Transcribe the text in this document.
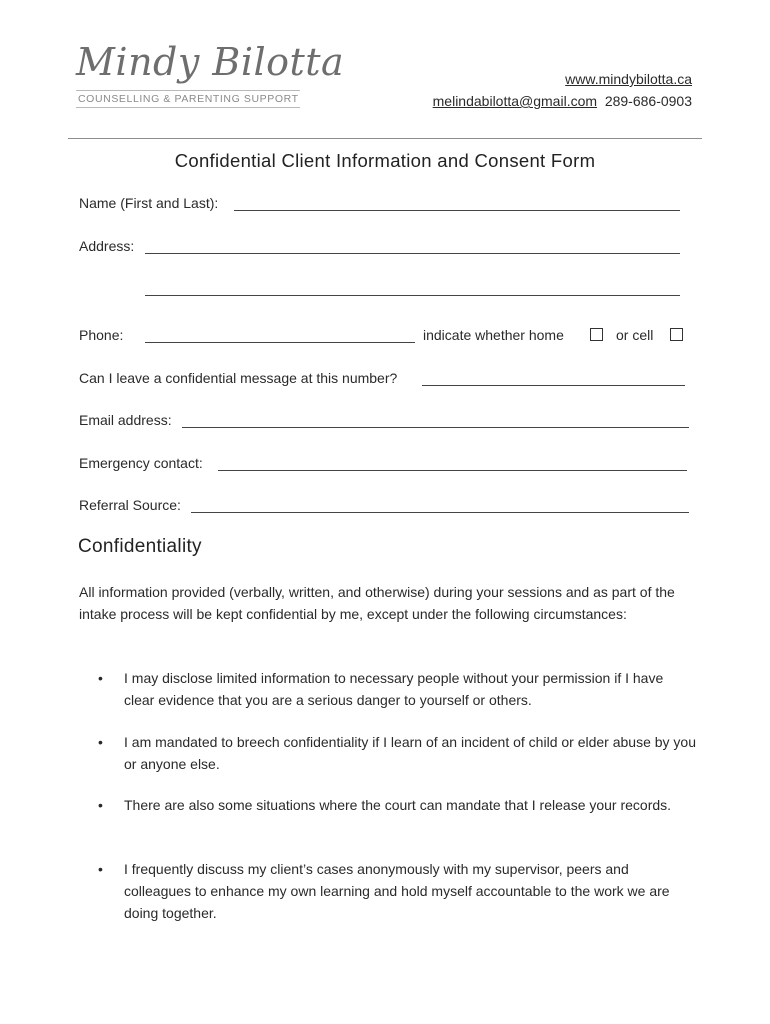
Mindy Bilotta
COUNSELLING & PARENTING SUPPORT
www.mindybilotta.ca
melindabilotta@gmail.com 289-686-0903
Confidential Client Information and Consent Form
Name (First and Last):
Address:
Phone:	indicate whether home	or cell
Can I leave a confidential message at this number?
Email address:
Emergency contact:
Referral Source:
Confidentiality
All information provided (verbally, written, and otherwise) during your sessions and as part of the intake process will be kept confidential by me, except under the following circumstances:
• I may disclose limited information to necessary people without your permission if I have clear evidence that you are a serious danger to yourself or others.
• I am mandated to breech confidentiality if I learn of an incident of child or elder abuse by you or anyone else.
• There are also some situations where the court can mandate that I release your records.
• I frequently discuss my client’s cases anonymously with my supervisor, peers and colleagues to enhance my own learning and hold myself accountable to the work we are doing together.
